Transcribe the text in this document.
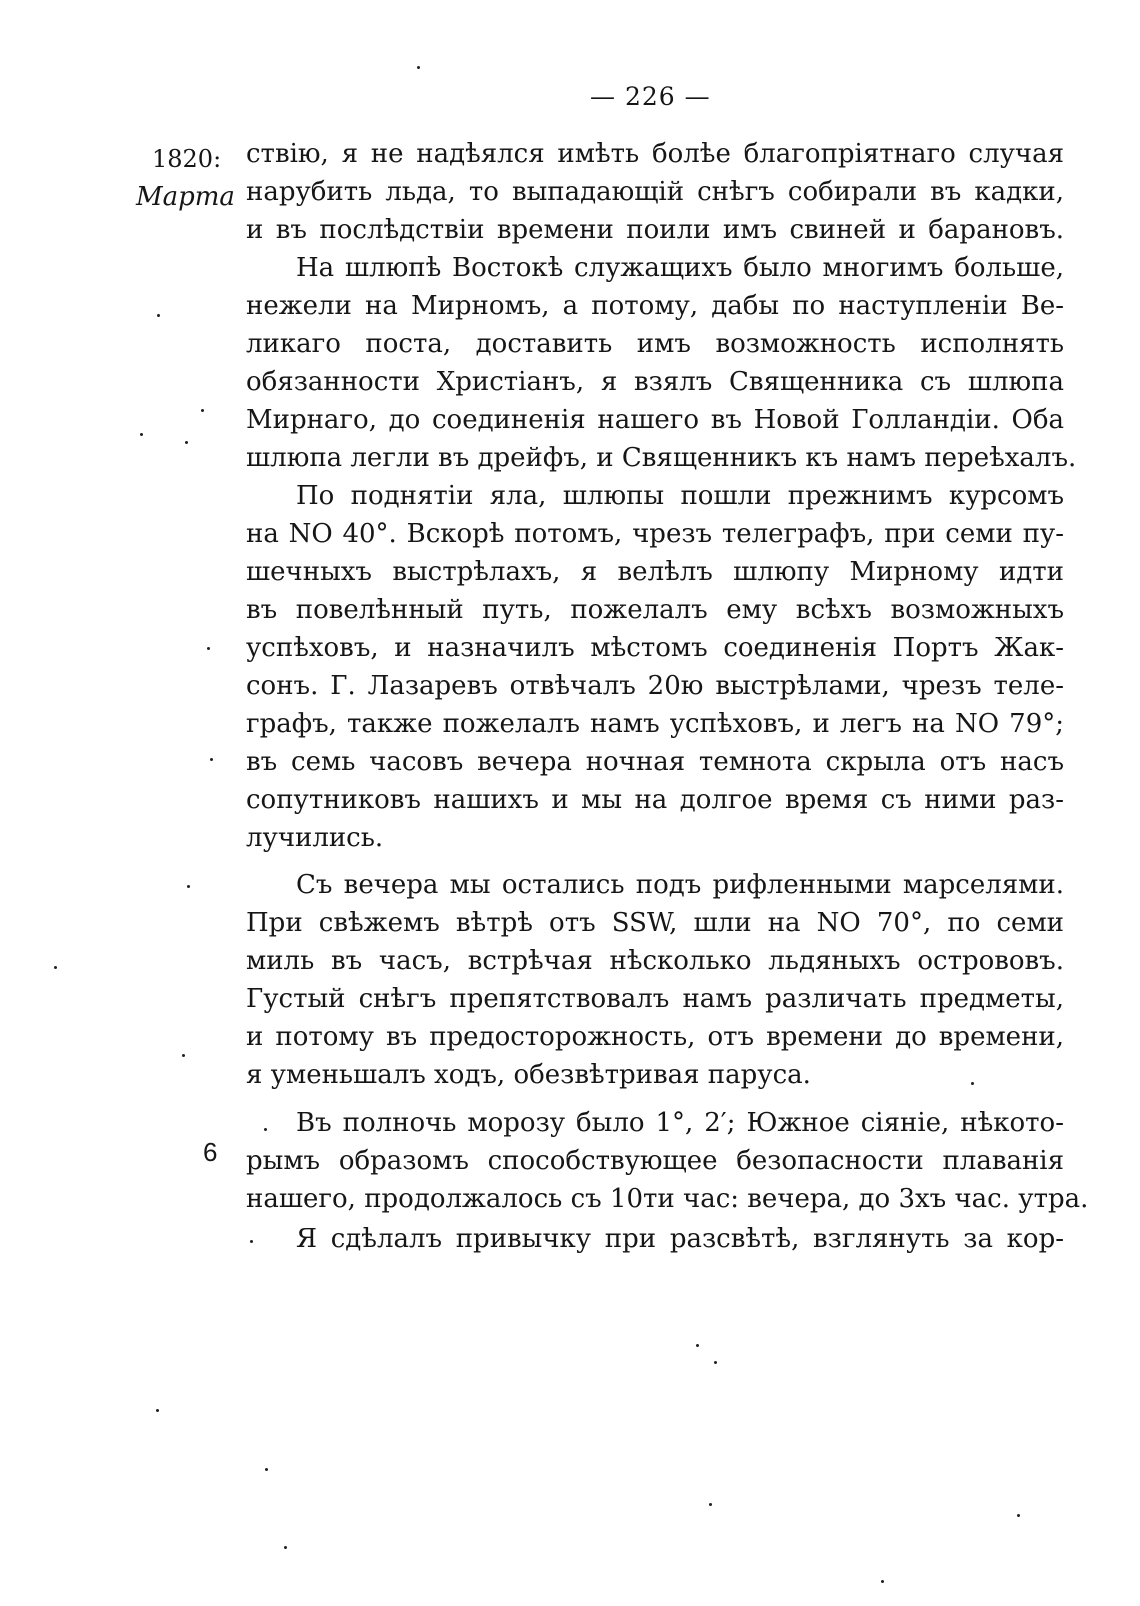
— 226 —
1820:
Марта
6
ствію, я не надѣялся имѣть болѣе благопріятнаго случая
нарубить льда, то выпадающій снѣгъ собирали въ кадки,
и въ послѣдствіи времени поили имъ свиней и барановъ.
На шлюпѣ Востокѣ служащихъ было многимъ больше,
нежели на Мирномъ, а потому, дабы по наступленіи Ве-
ликаго поста, доставить имъ возможность исполнять
обязанности Христіанъ, я взялъ Священника съ шлюпа
Мирнаго, до соединенія нашего въ Новой Голландіи. Оба
шлюпа легли въ дрейфъ, и Священникъ къ намъ переѣхалъ.
По поднятіи яла, шлюпы пошли прежнимъ курсомъ
на NO 40°. Вскорѣ потомъ, чрезъ телеграфъ, при семи пу-
шечныхъ выстрѣлахъ, я велѣлъ шлюпу Мирному идти
въ повелѣнный путь, пожелалъ ему всѣхъ возможныхъ
успѣховъ, и назначилъ мѣстомъ соединенія Портъ Жак-
сонъ. Г. Лазаревъ отвѣчалъ 20ю выстрѣлами, чрезъ теле-
графъ, также пожелалъ намъ успѣховъ, и легъ на NO 79°;
въ семь часовъ вечера ночная темнота скрыла отъ насъ
сопутниковъ нашихъ и мы на долгое время съ ними раз-
лучились.
Съ вечера мы остались подъ рифленными марселями.
При свѣжемъ вѣтрѣ отъ SSW, шли на NO 70°, по семи
миль въ часъ, встрѣчая нѣсколько льдяныхъ острововъ.
Густый снѣгъ препятствовалъ намъ различать предметы,
и потому въ предосторожность, отъ времени до времени,
я уменьшалъ ходъ, обезвѣтривая паруса.
Въ полночь морозу было 1°, 2′; Южное сіяніе, нѣкото-
рымъ образомъ способствующее безопасности плаванія
нашего, продолжалось съ 10ти час: вечера, до 3хъ час. утра.
Я сдѣлалъ привычку при разсвѣтѣ, взглянуть за кор-
